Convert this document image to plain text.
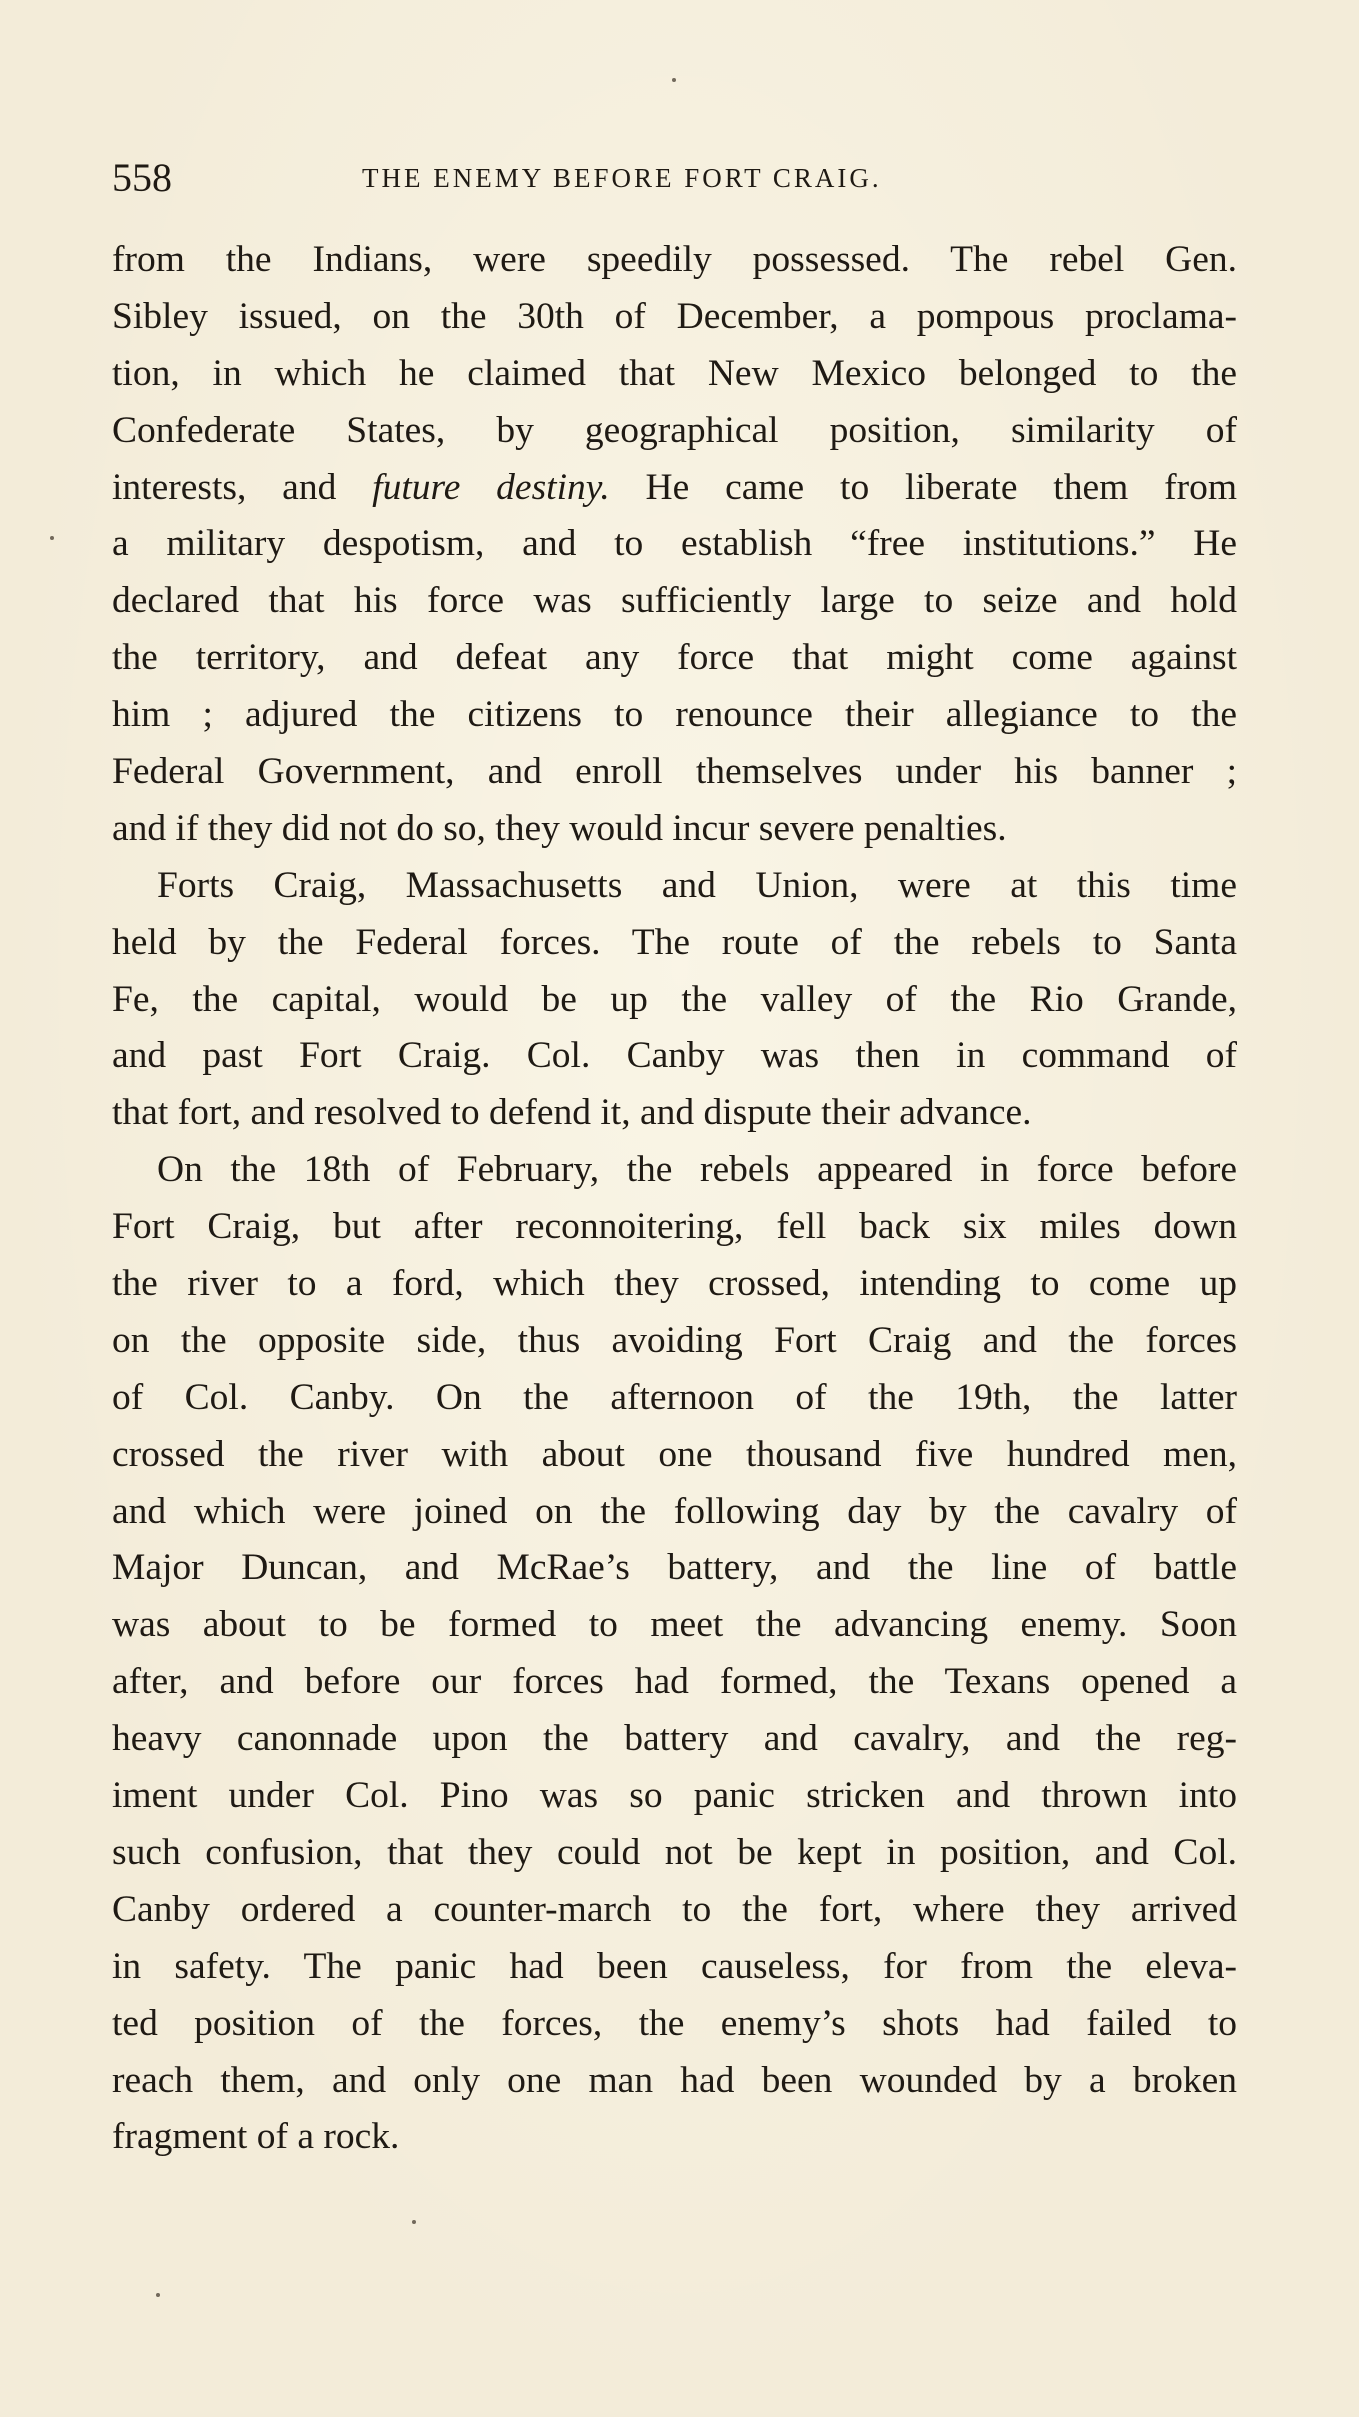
558	THE ENEMY BEFORE FORT CRAIG.
from the Indians, were speedily possessed. The rebel Gen.
Sibley issued, on the 30th of December, a pompous proclama-
tion, in which he claimed that New Mexico belonged to the
Confederate States, by geographical position, similarity of
interests, and future destiny. He came to liberate them from
a military despotism, and to establish “free institutions.” He
declared that his force was sufficiently large to seize and hold
the territory, and defeat any force that might come against
him ; adjured the citizens to renounce their allegiance to the
Federal Government, and enroll themselves under his banner ;
and if they did not do so, they would incur severe penalties.
Forts Craig, Massachusetts and Union, were at this time
held by the Federal forces. The route of the rebels to Santa
Fe, the capital, would be up the valley of the Rio Grande,
and past Fort Craig. Col. Canby was then in command of
that fort, and resolved to defend it, and dispute their advance.
On the 18th of February, the rebels appeared in force before
Fort Craig, but after reconnoitering, fell back six miles down
the river to a ford, which they crossed, intending to come up
on the opposite side, thus avoiding Fort Craig and the forces
of Col. Canby. On the afternoon of the 19th, the latter
crossed the river with about one thousand five hundred men,
and which were joined on the following day by the cavalry of
Major Duncan, and McRae’s battery, and the line of battle
was about to be formed to meet the advancing enemy. Soon
after, and before our forces had formed, the Texans opened a
heavy canonnade upon the battery and cavalry, and the reg-
iment under Col. Pino was so panic stricken and thrown into
such confusion, that they could not be kept in position, and Col.
Canby ordered a counter-march to the fort, where they arrived
in safety. The panic had been causeless, for from the eleva-
ted position of the forces, the enemy’s shots had failed to
reach them, and only one man had been wounded by a broken
fragment of a rock.
